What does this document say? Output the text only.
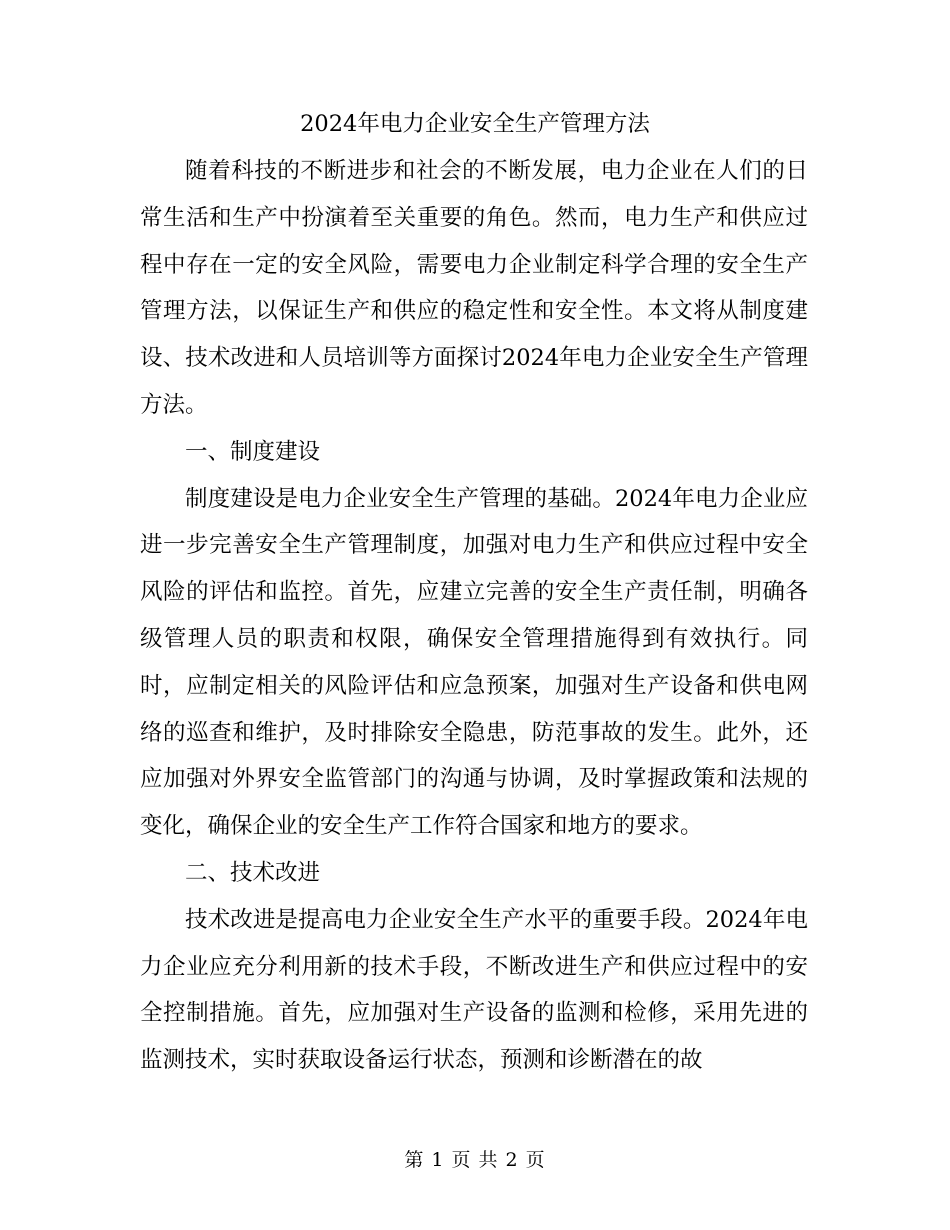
2024年电力企业安全生产管理方法

随着科技的不断进步和社会的不断发展，电力企业在人们的日常生活和生产中扮演着至关重要的角色。然而，电力生产和供应过程中存在一定的安全风险，需要电力企业制定科学合理的安全生产管理方法，以保证生产和供应的稳定性和安全性。本文将从制度建设、技术改进和人员培训等方面探讨2024年电力企业安全生产管理方法。

一、制度建设

制度建设是电力企业安全生产管理的基础。2024年电力企业应进一步完善安全生产管理制度，加强对电力生产和供应过程中安全风险的评估和监控。首先，应建立完善的安全生产责任制，明确各级管理人员的职责和权限，确保安全管理措施得到有效执行。同时，应制定相关的风险评估和应急预案，加强对生产设备和供电网络的巡查和维护，及时排除安全隐患，防范事故的发生。此外，还应加强对外界安全监管部门的沟通与协调，及时掌握政策和法规的变化，确保企业的安全生产工作符合国家和地方的要求。

二、技术改进

技术改进是提高电力企业安全生产水平的重要手段。2024年电力企业应充分利用新的技术手段，不断改进生产和供应过程中的安全控制措施。首先，应加强对生产设备的监测和检修，采用先进的监测技术，实时获取设备运行状态，预测和诊断潜在的故

第 1 页 共 2 页
